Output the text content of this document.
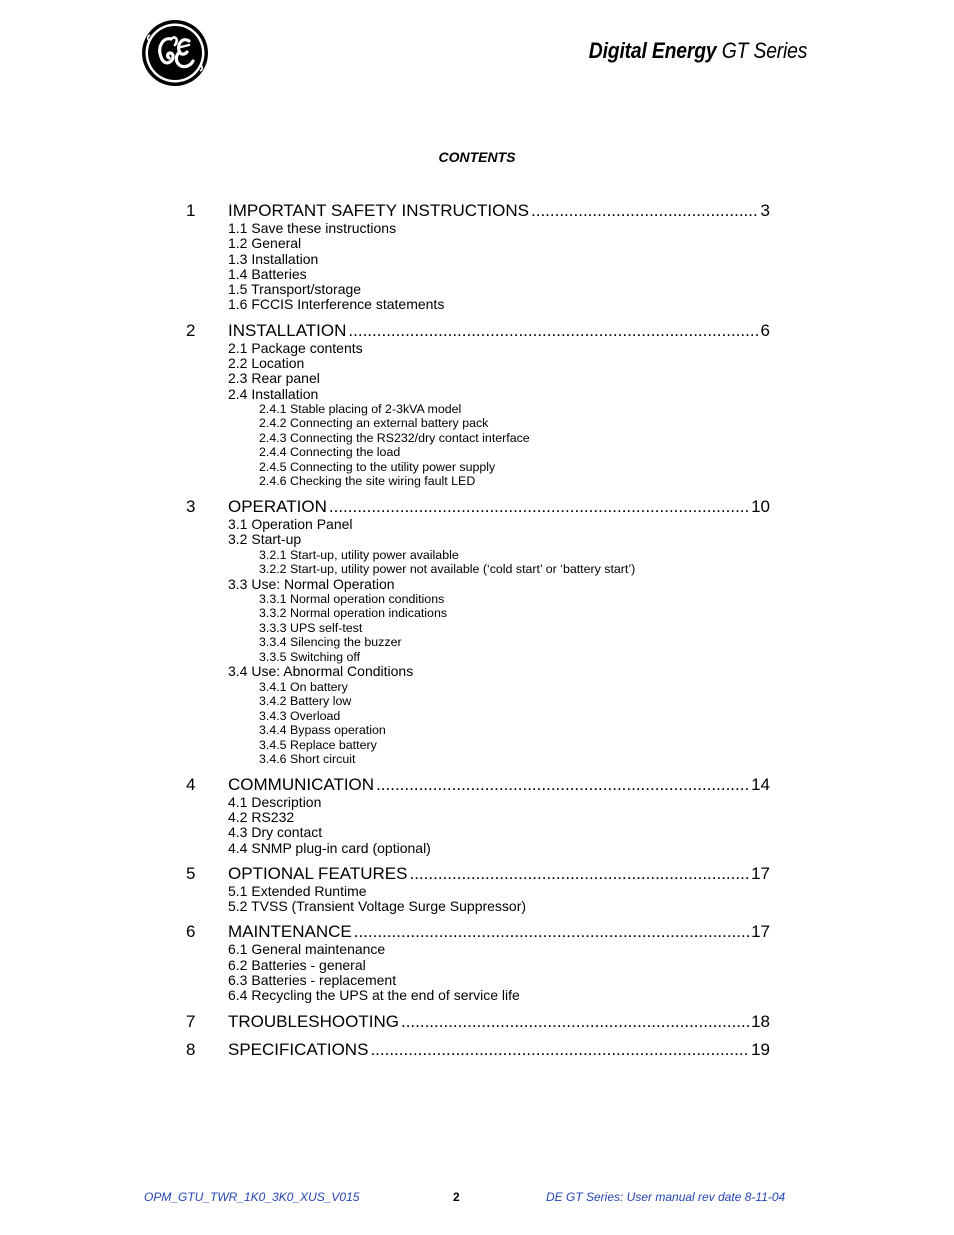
Digital Energy GT Series
CONTENTS
1	IMPORTANT SAFETY INSTRUCTIONS .....	3
1.1 Save these instructions
1.2 General
1.3 Installation
1.4 Batteries
1.5 Transport/storage
1.6 FCCIS Interference statements
2	INSTALLATION .....	6
2.1 Package contents
2.2 Location
2.3 Rear panel
2.4 Installation
2.4.1 Stable placing of 2-3kVA model
2.4.2 Connecting an external battery pack
2.4.3 Connecting the RS232/dry contact interface
2.4.4 Connecting the load
2.4.5 Connecting to the utility power supply
2.4.6 Checking the site wiring fault LED
3	OPERATION .....	10
3.1 Operation Panel
3.2 Start-up
3.2.1 Start-up, utility power available
3.2.2 Start-up, utility power not available (‘cold start’ or ‘battery start’)
3.3 Use: Normal Operation
3.3.1 Normal operation conditions
3.3.2 Normal operation indications
3.3.3 UPS self-test
3.3.4 Silencing the buzzer
3.3.5 Switching off
3.4 Use: Abnormal Conditions
3.4.1 On battery
3.4.2 Battery low
3.4.3 Overload
3.4.4 Bypass operation
3.4.5 Replace battery
3.4.6 Short circuit
4	COMMUNICATION .....	14
4.1 Description
4.2 RS232
4.3 Dry contact
4.4 SNMP plug-in card (optional)
5	OPTIONAL FEATURES .....	17
5.1 Extended Runtime
5.2 TVSS (Transient Voltage Surge Suppressor)
6	MAINTENANCE .....	17
6.1 General maintenance
6.2 Batteries - general
6.3 Batteries - replacement
6.4 Recycling the UPS at the end of service life
7	TROUBLESHOOTING .....	18
8	SPECIFICATIONS .....	19
OPM_GTU_TWR_1K0_3K0_XUS_V015	2	DE GT Series: User manual rev date 8-11-04
